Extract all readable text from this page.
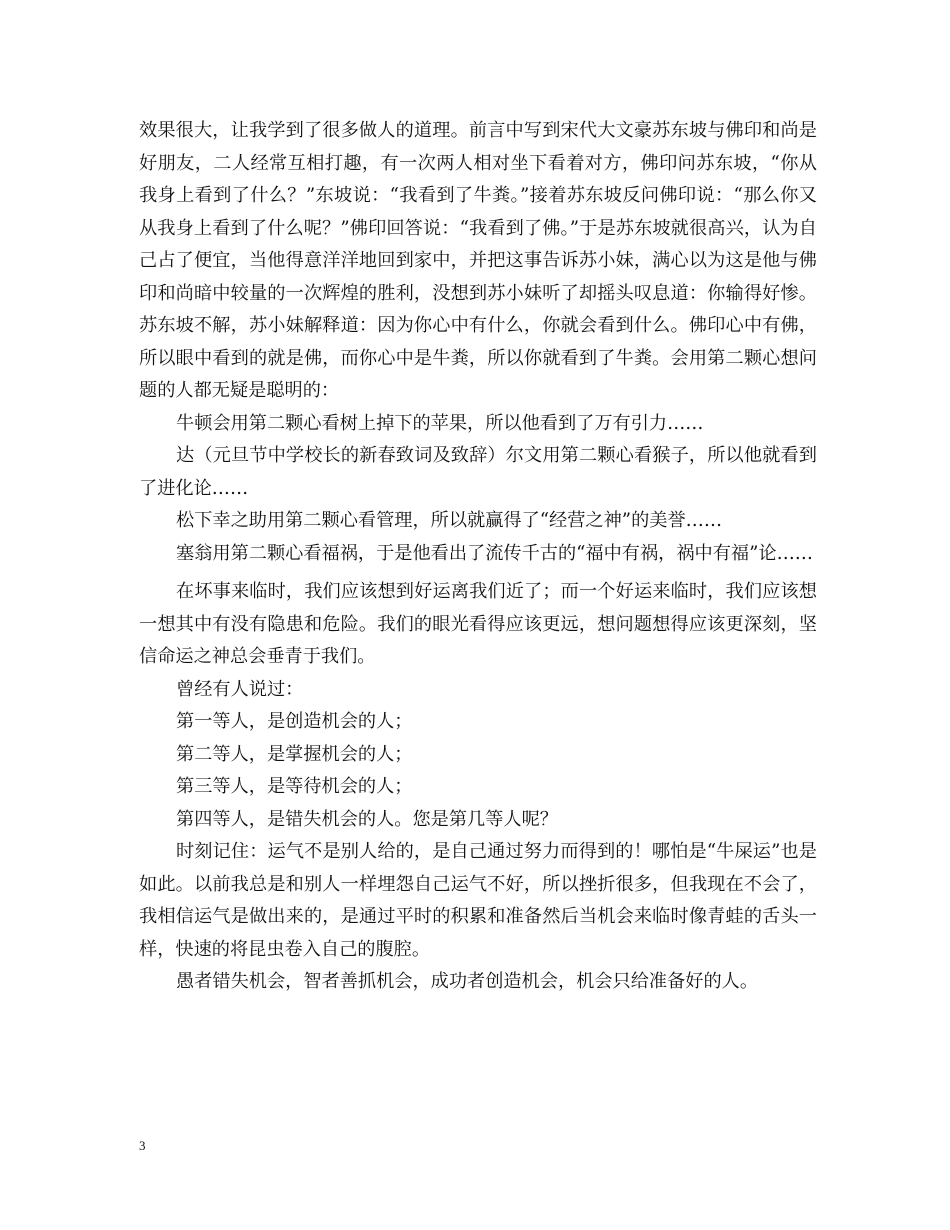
效果很大，让我学到了很多做人的道理。前言中写到宋代大文豪苏东坡与佛印和尚是好朋友，二人经常互相打趣，有一次两人相对坐下看着对方，佛印问苏东坡，“你从我身上看到了什么？”东坡说：“我看到了牛粪。”接着苏东坡反问佛印说：“那么你又从我身上看到了什么呢？”佛印回答说：“我看到了佛。”于是苏东坡就很高兴，认为自己占了便宜，当他得意洋洋地回到家中，并把这事告诉苏小妹，满心以为这是他与佛印和尚暗中较量的一次辉煌的胜利，没想到苏小妹听了却摇头叹息道：你输得好惨。苏东坡不解，苏小妹解释道：因为你心中有什么，你就会看到什么。佛印心中有佛，所以眼中看到的就是佛，而你心中是牛粪，所以你就看到了牛粪。会用第二颗心想问题的人都无疑是聪明的：

牛顿会用第二颗心看树上掉下的苹果，所以他看到了万有引力……

达（元旦节中学校长的新春致词及致辞）尔文用第二颗心看猴子，所以他就看到了进化论……

松下幸之助用第二颗心看管理，所以就赢得了“经营之神”的美誉……

塞翁用第二颗心看福祸，于是他看出了流传千古的“福中有祸，祸中有福”论……

在坏事来临时，我们应该想到好运离我们近了；而一个好运来临时，我们应该想一想其中有没有隐患和危险。我们的眼光看得应该更远，想问题想得应该更深刻，坚信命运之神总会垂青于我们。

曾经有人说过：

第一等人，是创造机会的人；

第二等人，是掌握机会的人；

第三等人，是等待机会的人；

第四等人，是错失机会的人。您是第几等人呢？

时刻记住：运气不是别人给的，是自己通过努力而得到的！哪怕是“牛屎运”也是如此。以前我总是和别人一样埋怨自己运气不好，所以挫折很多，但我现在不会了，我相信运气是做出来的，是通过平时的积累和准备然后当机会来临时像青蛙的舌头一样，快速的将昆虫卷入自己的腹腔。

愚者错失机会，智者善抓机会，成功者创造机会，机会只给准备好的人。

3
